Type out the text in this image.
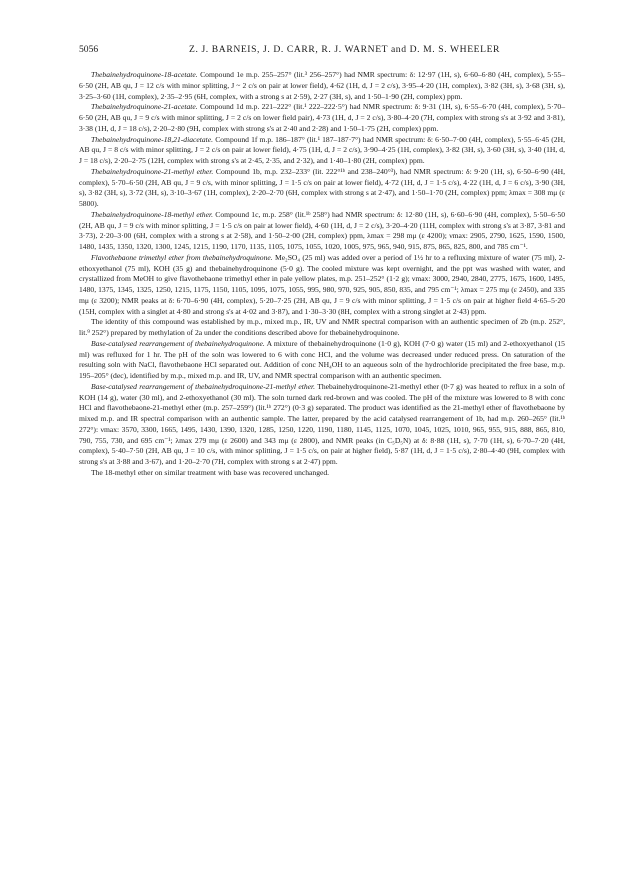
5056	Z. J. BARNEIS, J. D. CARR, R. J. WARNET and D. M. S. WHEELER

Thebainehydroquinone-18-acetate. Compound 1e m.p. 255–257° (lit.³ 256–257°) had NMR spectrum: δ: 12·97 (1H, s), 6·60–6·80 (4H, complex), 5·55–6·50 (2H, AB qu, J = 12 c/s with minor splitting, J ~ 2 c/s on pair at lower field), 4·62 (1H, d, J = 2 c/s), 3·95–4·20 (1H, complex), 3·82 (3H, s), 3·68 (3H, s), 3·25–3·60 (1H, complex), 2·35–2·95 (6H, complex, with a strong s at 2·59), 2·27 (3H, s), and 1·50–1·90 (2H, complex) ppm.

Thebainehydroquinone-21-acetate. Compound 1d m.p. 221–222° (lit.¹ 222–222·5°) had NMR spectrum: δ: 9·31 (1H, s), 6·55–6·70 (4H, complex), 5·70–6·50 (2H, AB qu, J = 9 c/s with minor splitting, J = 2 c/s on lower field pair), 4·73 (1H, d, J = 2 c/s), 3·80–4·20 (7H, complex with strong s's at 3·92 and 3·81), 3·38 (1H, d, J = 18 c/s), 2·20–2·80 (9H, complex with strong s's at 2·40 and 2·28) and 1·50–1·75 (2H, complex) ppm.

Thebainehydroquinone-18,21-diacetate. Compound 1f m.p. 186–187° (lit.¹ 187–187·7°) had NMR spectrum: δ: 6·50–7·00 (4H, complex), 5·55–6·45 (2H, AB qu, J = 8 c/s with minor splitting, J = 2 c/s on pair at lower field), 4·75 (1H, d, J = 2 c/s), 3·90–4·25 (1H, complex), 3·82 (3H, s), 3·60 (3H, s), 3·40 (1H, d, J = 18 c/s), 2·20–2·75 (12H, complex with strong s's at 2·45, 2·35, and 2·32), and 1·40–1·80 (2H, complex) ppm.

Thebainehydroquinone-21-methyl ether. Compound 1b, m.p. 232–233° (lit. 222°¹ᵇ and 238–240°³), had NMR spectrum: δ: 9·20 (1H, s), 6·50–6·90 (4H, complex), 5·70–6·50 (2H, AB qu, J = 9 c/s, with minor splitting, J = 1·5 c/s on pair at lower field), 4·72 (1H, d, J = 1·5 c/s), 4·22 (1H, d, J = 6 c/s), 3·90 (3H, s), 3·82 (3H, s), 3·72 (3H, s), 3·10–3·67 (1H, complex), 2·20–2·70 (6H, complex with strong s at 2·47), and 1·50–1·70 (2H, complex) ppm; λmax = 308 mμ (ε 5800).

Thebainehydroquinone-18-methyl ether. Compound 1c, m.p. 258° (lit.¹ᵇ 258°) had NMR spectrum: δ: 12·80 (1H, s), 6·60–6·90 (4H, complex), 5·50–6·50 (2H, AB qu, J = 9 c/s with minor splitting, J = 1·5 c/s on pair at lower field), 4·60 (1H, d, J = 2 c/s), 3·20–4·20 (11H, complex with strong s's at 3·87, 3·81 and 3·73), 2·20–3·00 (6H, complex with a strong s at 2·58), and 1·50–2·00 (2H, complex) ppm, λmax = 298 mμ (ε 4200); νmax: 2905, 2790, 1625, 1590, 1500, 1480, 1435, 1350, 1320, 1300, 1245, 1215, 1190, 1170, 1135, 1105, 1075, 1055, 1020, 1005, 975, 965, 940, 915, 875, 865, 825, 800, and 785 cm⁻¹.

Flavothebaone trimethyl ether from thebainehydroquinone. Me₂SO₄ (25 ml) was added over a period of 1½ hr to a refluxing mixture of water (75 ml), 2-ethoxyethanol (75 ml), KOH (35 g) and thebainehydroquinone (5·0 g). The cooled mixture was kept overnight, and the ppt was washed with water, and crystallized from MeOH to give flavothebaone trimethyl ether in pale yellow plates, m.p. 251–252° (1·2 g); νmax: 3000, 2940, 2840, 2775, 1675, 1600, 1495, 1480, 1375, 1345, 1325, 1250, 1215, 1175, 1150, 1105, 1095, 1075, 1055, 995, 980, 970, 925, 905, 850, 835, and 795 cm⁻¹; λmax = 275 mμ (ε 2450), and 335 mμ (ε 3200); NMR peaks at δ: 6·70–6·90 (4H, complex), 5·20–7·25 (2H, AB qu, J = 9 c/s with minor splitting, J = 1·5 c/s on pair at higher field 4·65–5·20 (15H, complex with a singlet at 4·80 and strong s's at 4·02 and 3·87), and 1·30–3·30 (8H, complex with a strong singlet at 2·43) ppm.

The identity of this compound was established by m.p., mixed m.p., IR, UV and NMR spectral comparison with an authentic specimen of 2b (m.p. 252°, lit.⁹ 252°) prepared by methylation of 2a under the conditions described above for thebainehydroquinone.

Base-catalysed rearrangement of thebainehydroquinone. A mixture of thebainehydroquinone (1·0 g), KOH (7·0 g) water (15 ml) and 2-ethoxyethanol (15 ml) was refluxed for 1 hr. The pH of the soln was lowered to 6 with conc HCl, and the volume was decreased under reduced press. On saturation of the resulting soln with NaCl, flavothebaone HCl separated out. Addition of conc NH₄OH to an aqueous soln of the hydrochloride precipitated the free base, m.p. 195–205° (dec), identified by m.p., mixed m.p. and IR, UV, and NMR spectral comparison with an authentic specimen.

Base-catalysed rearrangement of thebainehydroquinone-21-methyl ether. Thebainehydroquinone-21-methyl ether (0·7 g) was heated to reflux in a soln of KOH (14 g), water (30 ml), and 2-ethoxyethanol (30 ml). The soln turned dark red-brown and was cooled. The pH of the mixture was lowered to 8 with conc HCl and flavothebaone-21-methyl ether (m.p. 257–259°) (lit.¹ᵇ 272°) (0·3 g) separated. The product was identified as the 21-methyl ether of flavothebaone by mixed m.p. and IR spectral comparison with an authentic sample. The latter, prepared by the acid catalysed rearrangement of 1b, had m.p. 260–265° (lit.¹ᵇ 272°): νmax: 3570, 3300, 1665, 1495, 1430, 1390, 1320, 1285, 1250, 1220, 1190, 1180, 1145, 1125, 1070, 1045, 1025, 1010, 965, 955, 915, 888, 865, 810, 790, 755, 730, and 695 cm⁻¹; λmax 279 mμ (ε 2600) and 343 mμ (ε 2800), and NMR peaks (in C₅D₅N) at δ: 8·88 (1H, s), 7·70 (1H, s), 6·70–7·20 (4H, complex), 5·40–7·50 (2H, AB qu, J = 10 c/s, with minor splitting, J = 1·5 c/s, on pair at higher field), 5·87 (1H, d, J = 1·5 c/s), 2·80–4·40 (9H, complex with strong s's at 3·88 and 3·67), and 1·20–2·70 (7H, complex with strong s at 2·47) ppm.

The 18-methyl ether on similar treatment with base was recovered unchanged.
